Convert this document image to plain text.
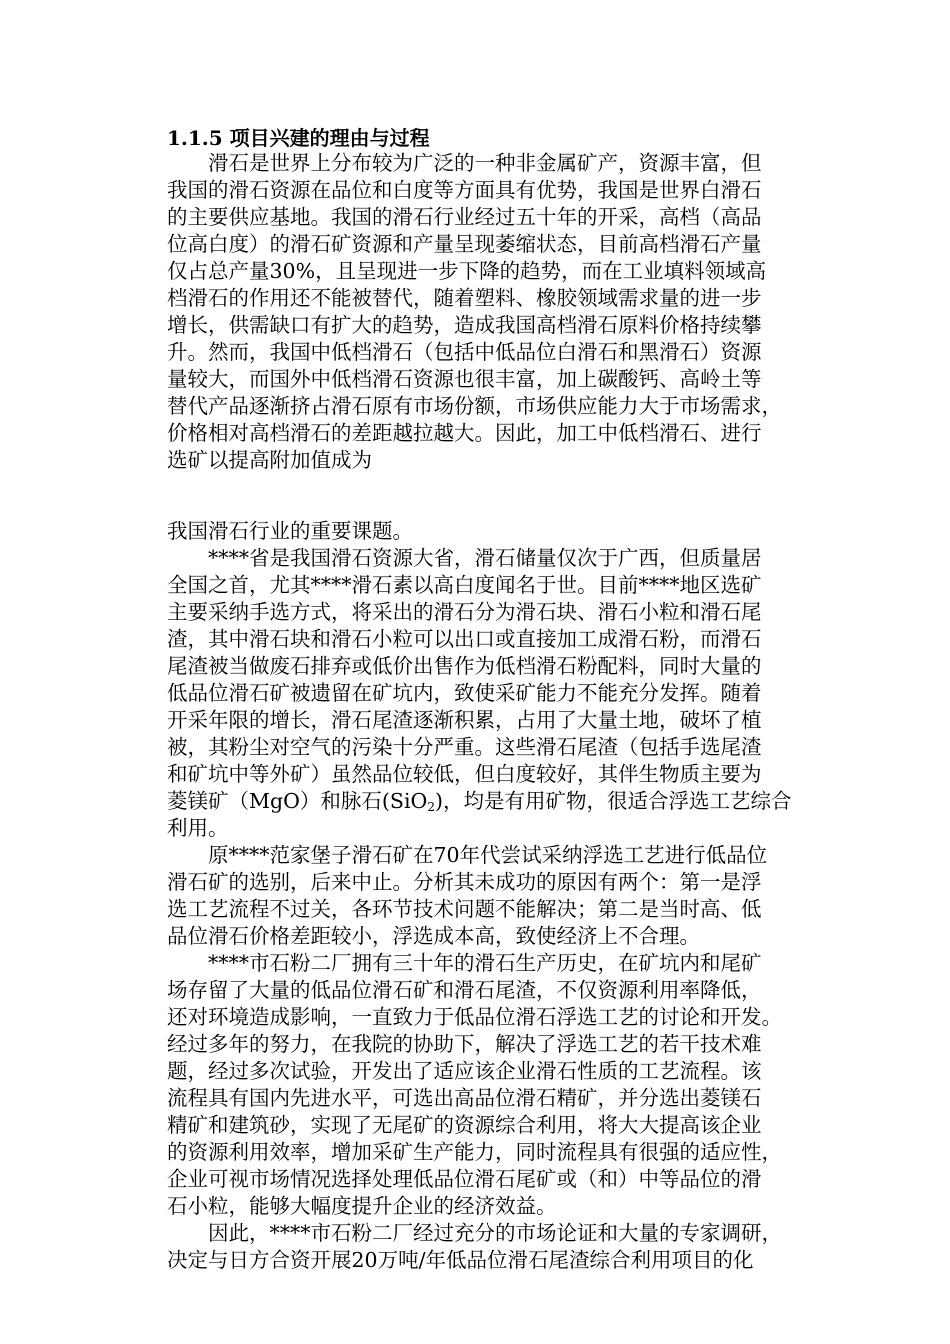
1.1.5 项目兴建的理由与过程
　　滑石是世界上分布较为广泛的一种非金属矿产，资源丰富，但
我国的滑石资源在品位和白度等方面具有优势，我国是世界白滑石
的主要供应基地。我国的滑石行业经过五十年的开采，高档（高品
位高白度）的滑石矿资源和产量呈现萎缩状态，目前高档滑石产量
仅占总产量30%，且呈现进一步下降的趋势，而在工业填料领域高
档滑石的作用还不能被替代，随着塑料、橡胶领域需求量的进一步
增长，供需缺口有扩大的趋势，造成我国高档滑石原料价格持续攀
升。然而，我国中低档滑石（包括中低品位白滑石和黑滑石）资源
量较大，而国外中低档滑石资源也很丰富，加上碳酸钙、高岭土等
替代产品逐渐挤占滑石原有市场份额，市场供应能力大于市场需求，
价格相对高档滑石的差距越拉越大。因此，加工中低档滑石、进行
选矿以提高附加值成为
我国滑石行业的重要课题。
　　****省是我国滑石资源大省，滑石储量仅次于广西，但质量居
全国之首，尤其****滑石素以高白度闻名于世。目前****地区选矿
主要采纳手选方式，将采出的滑石分为滑石块、滑石小粒和滑石尾
渣，其中滑石块和滑石小粒可以出口或直接加工成滑石粉，而滑石
尾渣被当做废石排弃或低价出售作为低档滑石粉配料，同时大量的
低品位滑石矿被遗留在矿坑内，致使采矿能力不能充分发挥。随着
开采年限的增长，滑石尾渣逐渐积累，占用了大量土地，破坏了植
被，其粉尘对空气的污染十分严重。这些滑石尾渣（包括手选尾渣
和矿坑中等外矿）虽然品位较低，但白度较好，其伴生物质主要为
菱镁矿（MgO）和脉石(SiO$_2$)，均是有用矿物，很适合浮选工艺综合
利用。
　　原****范家堡子滑石矿在70年代尝试采纳浮选工艺进行低品位
滑石矿的选别，后来中止。分析其未成功的原因有两个：第一是浮
选工艺流程不过关，各环节技术问题不能解决；第二是当时高、低
品位滑石价格差距较小，浮选成本高，致使经济上不合理。
　　****市石粉二厂拥有三十年的滑石生产历史，在矿坑内和尾矿
场存留了大量的低品位滑石矿和滑石尾渣，不仅资源利用率降低，
还对环境造成影响，一直致力于低品位滑石浮选工艺的讨论和开发。
经过多年的努力，在我院的协助下，解决了浮选工艺的若干技术难
题，经过多次试验，开发出了适应该企业滑石性质的工艺流程。该
流程具有国内先进水平，可选出高品位滑石精矿，并分选出菱镁石
精矿和建筑砂，实现了无尾矿的资源综合利用，将大大提高该企业
的资源利用效率，增加采矿生产能力，同时流程具有很强的适应性，
企业可视市场情况选择处理低品位滑石尾矿或（和）中等品位的滑
石小粒，能够大幅度提升企业的经济效益。
　　因此，****市石粉二厂经过充分的市场论证和大量的专家调研，
决定与日方合资开展20万吨/年低品位滑石尾渣综合利用项目的化
